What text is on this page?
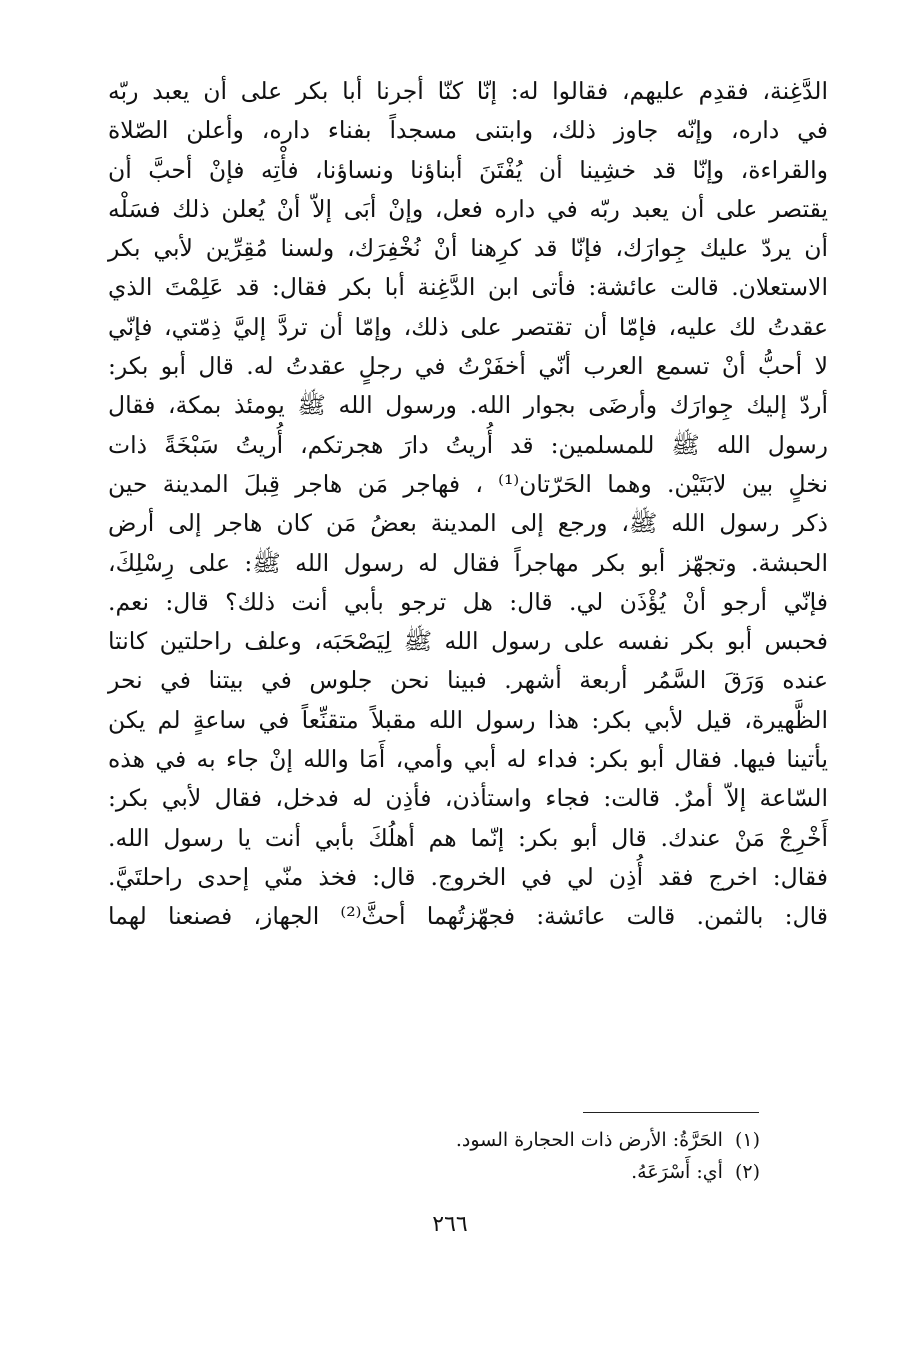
الدَّغِنة، فقدِم عليهم، فقالوا له: إنّا كنّا أجرنا أبا بكر على أن يعبد ربّه
في داره، وإنّه جاوز ذلك، وابتنى مسجداً بفناء داره، وأعلن الصّلاة
والقراءة، وإنّا قد خشِينا أن يُفْتَنَ أبناؤنا ونساؤنا، فأْتِه فإنْ أحبَّ أن
يقتصر على أن يعبد ربّه في داره فعل، وإنْ أبَى إلاّ أنْ يُعلن ذلك فسَلْه
أن يردّ عليك جِوارَك، فإنّا قد كرِهنا أنْ نُخْفِرَك، ولسنا مُقِرِّين لأبي بكر
الاستعلان. قالت عائشة: فأتى ابن الدَّغِنة أبا بكر فقال: قد عَلِمْتَ الذي
عقدتُ لك عليه، فإمّا أن تقتصر على ذلك، وإمّا أن تردَّ إليَّ ذِمّتي، فإنّي
لا أحبُّ أنْ تسمع العرب أنّي أخفَرْتُ في رجلٍ عقدتُ له. قال أبو بكر:
أردّ إليك جِوارَك وأرضَى بجوار الله. ورسول الله ﷺ يومئذ بمكة، فقال
رسول الله ﷺ للمسلمين: قد أُريتُ دارَ هجرتكم، أُريتُ سَبْخَةً ذات
نخلٍ بين لابَتَيْن. وهما الحَرّتان⁽¹⁾ ، فهاجر مَن هاجر قِبلَ المدينة حين
ذكر رسول الله ﷺ، ورجع إلى المدينة بعضُ مَن كان هاجر إلى أرض
الحبشة. وتجهّز أبو بكر مهاجراً فقال له رسول الله ﷺ: على رِسْلِكَ،
فإنّي أرجو أنْ يُؤْذَن لي. قال: هل ترجو بأبي أنت ذلك؟ قال: نعم.
فحبس أبو بكر نفسه على رسول الله ﷺ لِيَصْحَبَه، وعلف راحلتين كانتا
عنده وَرَقَ السَّمُر أربعة أشهر. فبينا نحن جلوس في بيتنا في نحر
الظَّهيرة، قيل لأبي بكر: هذا رسول الله مقبلاً متقنِّعاً في ساعةٍ لم يكن
يأتينا فيها. فقال أبو بكر: فداء له أبي وأمي، أَمَا والله إنْ جاء به في هذه
السّاعة إلاّ أمرٌ. قالت: فجاء واستأذن، فأذِن له فدخل، فقال لأبي بكر:
أَخْرِجْ مَنْ عندك. قال أبو بكر: إنّما هم أهلُكَ بأبي أنت يا رسول الله.
فقال: اخرج فقد أُذِن لي في الخروج. قال: فخذ منّي إحدى راحلتَيَّ.
قال: بالثمن. قالت عائشة: فجهّزتُهما أحثَّ⁽²⁾ الجهاز، فصنعنا لهما
(١)الحَرَّةُ: الأرض ذات الحجارة السود.
(٢)أي: أَسْرَعَهُ.
٢٦٦
